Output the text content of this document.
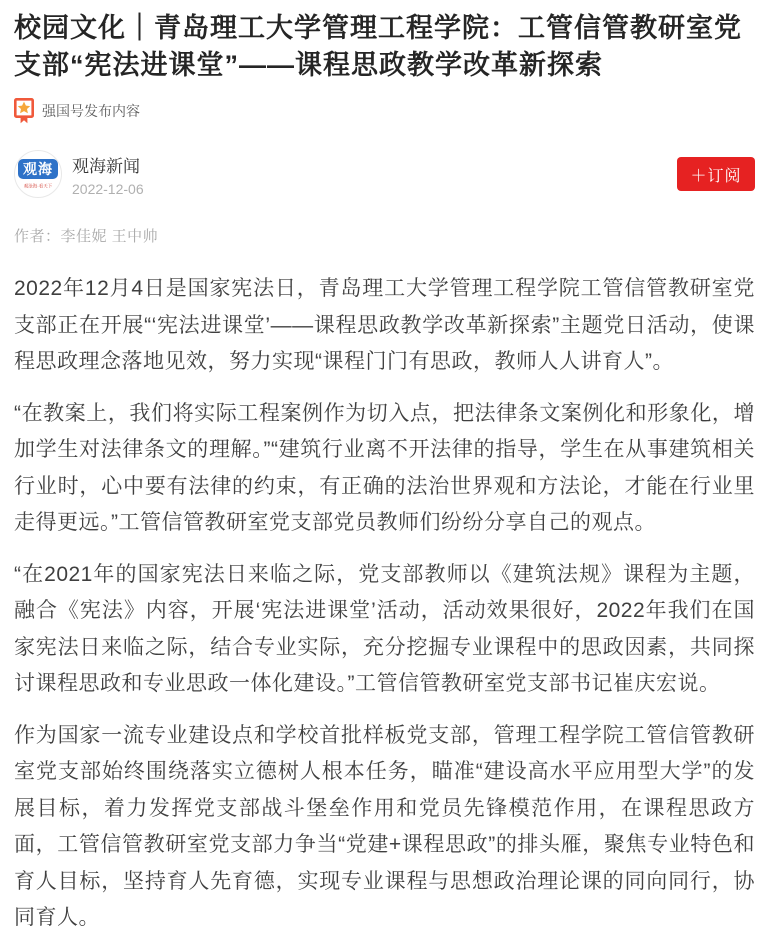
校园文化｜青岛理工大学管理工程学院：工管信管教研室党支部“宪法进课堂”——课程思政教学改革新探索
强国号发布内容
观海
观沧海·看天下
观海新闻
2022-12-06
＋订阅
作者：李佳妮 王中帅

2022年12月4日是国家宪法日，青岛理工大学管理工程学院工管信管教研室党支部正在开展“‘宪法进课堂’——课程思政教学改革新探索”主题党日活动，使课程思政理念落地见效，努力实现“课程门门有思政，教师人人讲育人”。

“在教案上，我们将实际工程案例作为切入点，把法律条文案例化和形象化，增加学生对法律条文的理解。”“建筑行业离不开法律的指导，学生在从事建筑相关行业时，心中要有法律的约束，有正确的法治世界观和方法论，才能在行业里走得更远。”工管信管教研室党支部党员教师们纷纷分享自己的观点。

“在2021年的国家宪法日来临之际，党支部教师以《建筑法规》课程为主题，融合《宪法》内容，开展‘宪法进课堂’活动，活动效果很好，2022年我们在国家宪法日来临之际，结合专业实际，充分挖掘专业课程中的思政因素，共同探讨课程思政和专业思政一体化建设。”工管信管教研室党支部书记崔庆宏说。

作为国家一流专业建设点和学校首批样板党支部，管理工程学院工管信管教研室党支部始终围绕落实立德树人根本任务，瞄准“建设高水平应用型大学”的发展目标，着力发挥党支部战斗堡垒作用和党员先锋模范作用，在课程思政方面，工管信管教研室党支部力争当“党建+课程思政”的排头雁，聚焦专业特色和育人目标，坚持育人先育德，实现专业课程与思想政治理论课的同向同行，协同育人。
